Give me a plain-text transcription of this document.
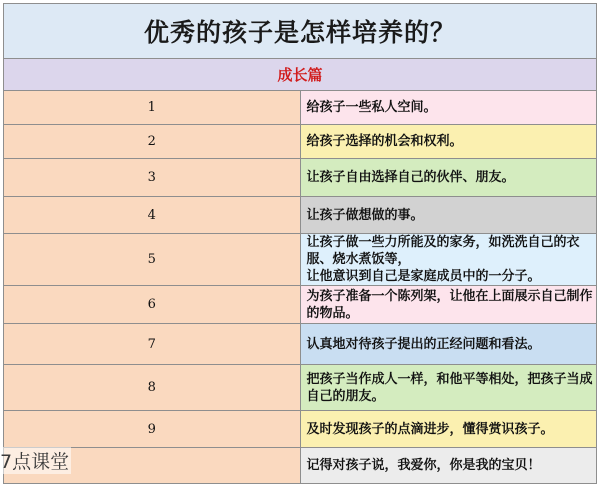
优秀的孩子是怎样培养的？	
成长篇	
1	给孩子一些私人空间。
2	给孩子选择的机会和权利。
3	让孩子自由选择自己的伙伴、朋友。
4	让孩子做想做的事。
5	让孩子做一些力所能及的家务，如洗洗自己的衣服、烧水煮饭等，
让他意识到自己是家庭成员中的一分子。

6	为孩子准备一个陈列架，让他在上面展示自己制作的物品。
7	认真地对待孩子提出的正经问题和看法。
8	把孩子当作成人一样，和他平等相处，把孩子当成自己的朋友。
9	及时发现孩子的点滴进步，懂得赏识孩子。
	记得对孩子说，我爱你，你是我的宝贝！
7点课堂
